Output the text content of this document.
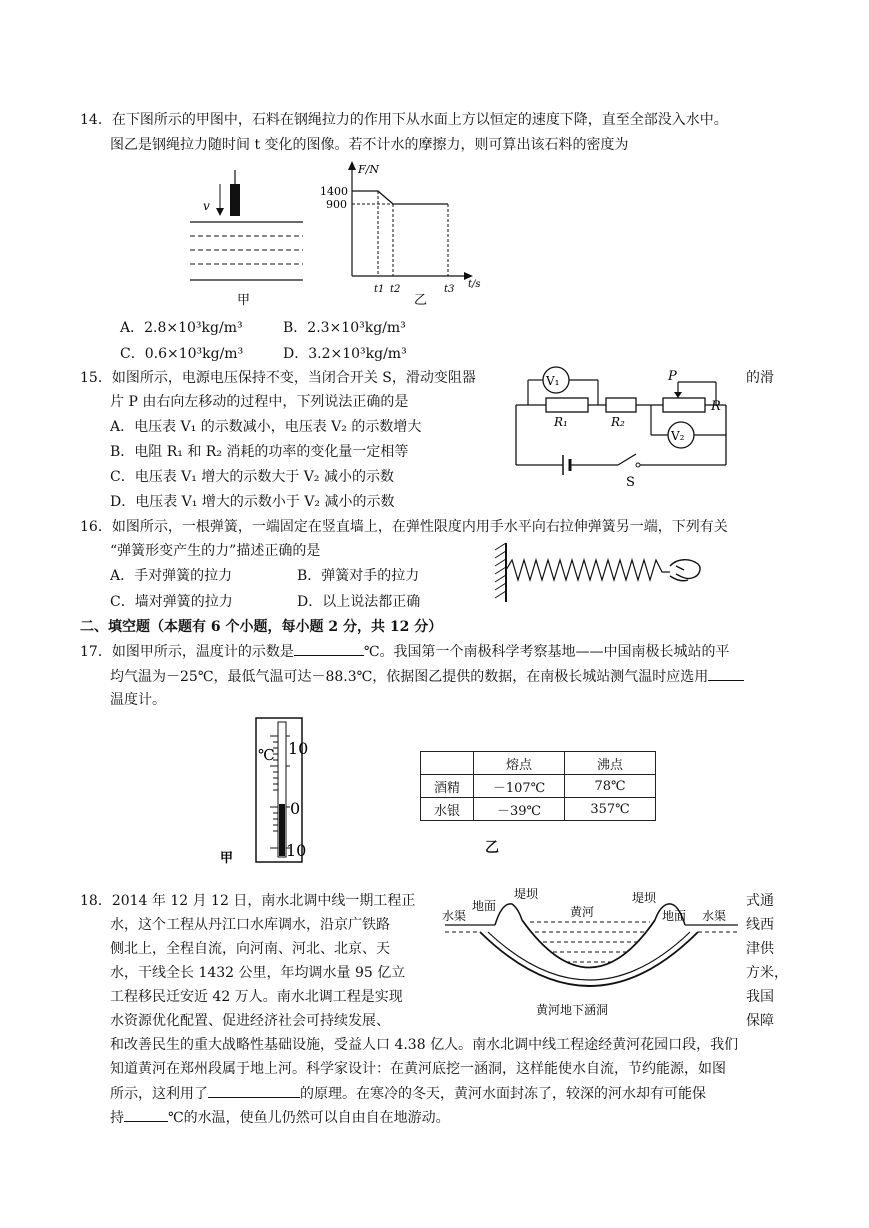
14．在下图所示的甲图中，石料在钢绳拉力的作用下从水面上方以恒定的速度下降，直至全部没入水中。
图乙是钢绳拉力随时间 t 变化的图像。若不计水的摩擦力，则可算出该石料的密度为
v
甲
F/N
t/s
1400
900
t1 t2	t3
乙
A．2.8×10³kg/m³	B．2.3×10³kg/m³
C．0.6×10³kg/m³	D．3.2×10³kg/m³
15．如图所示，电源电压保持不变，当闭合开关 S，滑动变阻器	的滑
片 P 由右向左移动的过程中，下列说法正确的是
A．电压表 V₁ 的示数减小，电压表 V₂ 的示数增大
B．电阻 R₁ 和 R₂ 消耗的功率的变化量一定相等
C．电压表 V₁ 增大的示数大于 V₂ 减小的示数
D．电压表 V₁ 增大的示数小于 V₂ 减小的示数
P
R
R₁	R₂
V₁
V₂
S
16．如图所示，一根弹簧，一端固定在竖直墙上，在弹性限度内用手水平向右拉伸弹簧另一端，下列有关
“弹簧形变产生的力”描述正确的是
A．手对弹簧的拉力	B．弹簧对手的拉力
C．墙对弹簧的拉力	D．以上说法都正确
二、填空题（本题有 6 个小题，每小题 2 分，共 12 分）
17．如图甲所示，温度计的示数是	℃。我国第一个南极科学考察基地——中国南极长城站的平
均气温为－25℃，最低气温可达－88.3℃，依据图乙提供的数据，在南极长城站测气温时应选用
温度计。
10
0
10
℃
甲
	熔点	沸点
酒精	－107℃	78℃
水银	－39℃	357℃
乙
18．2014 年 12 月 12 日，南水北调中线一期工程正	式通
水，这个工程从丹江口水库调水，沿京广铁路	线西
侧北上，全程自流，向河南、河北、北京、天	津供
水，干线全长 1432 公里，年均调水量 95 亿立	方米，
工程移民迁安近 42 万人。南水北调工程是实现	我国
水资源优化配置、促进经济社会可持续发展、	保障
和改善民生的重大战略性基础设施，受益人口 4.38 亿人。南水北调中线工程途经黄河花园口段，我们
知道黄河在郑州段属于地上河。科学家设计：在黄河底挖一涵洞，这样能使水自流，节约能源，如图
所示，这利用了	的原理。在寒冷的冬天，黄河水面封冻了，较深的河水却有可能保
持	℃的水温，使鱼儿仍然可以自由自在地游动。
水渠
地面
堤坝
黄河
堤坝
地面 水渠
黄河地下涵洞
